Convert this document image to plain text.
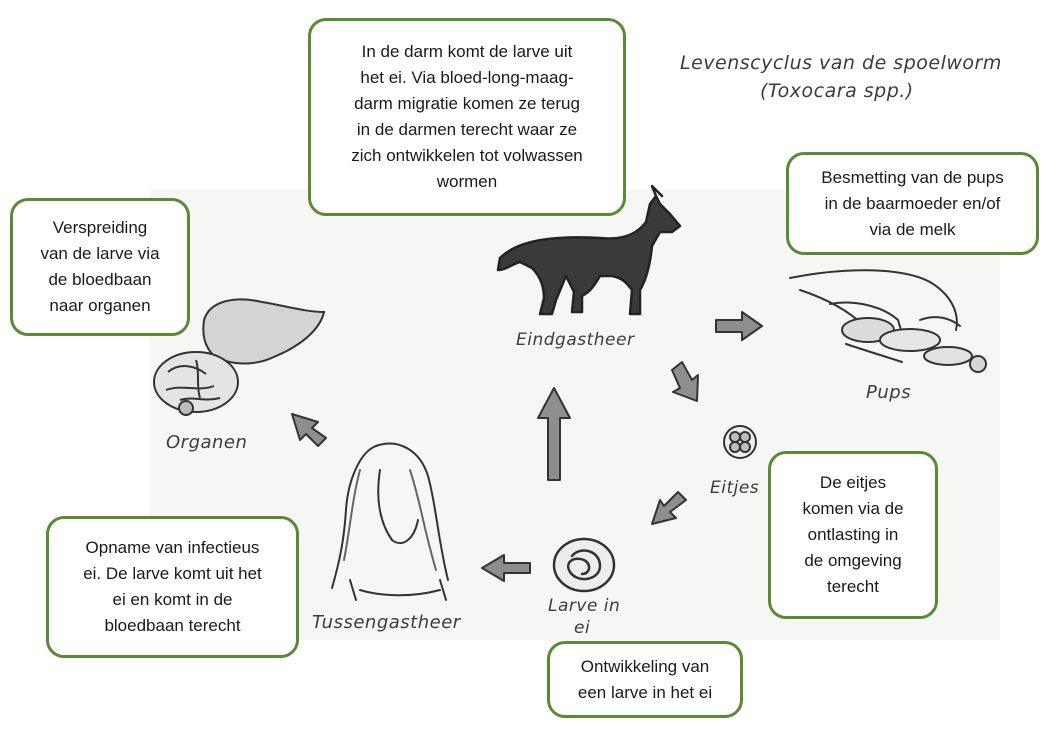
Levenscyclus van de spoelworm
(Toxocara spp.)
Eindgastheer
Pups
Eitjes
Larve in
ei
Tussengastheer
Organen
In de darm komt de larve uit
het ei. Via bloed-long-maag-
darm migratie komen ze terug
in de darmen terecht waar ze
zich ontwikkelen tot volwassen
wormen	Besmetting van de pups
in de baarmoeder en/of
via de melk
Verspreiding
van de larve via
de bloedbaan
naar organen
De eitjes
komen via de
ontlasting in
de omgeving
terecht
Opname van infectieus
ei. De larve komt uit het
ei en komt in de
bloedbaan terecht
Ontwikkeling van
een larve in het ei
